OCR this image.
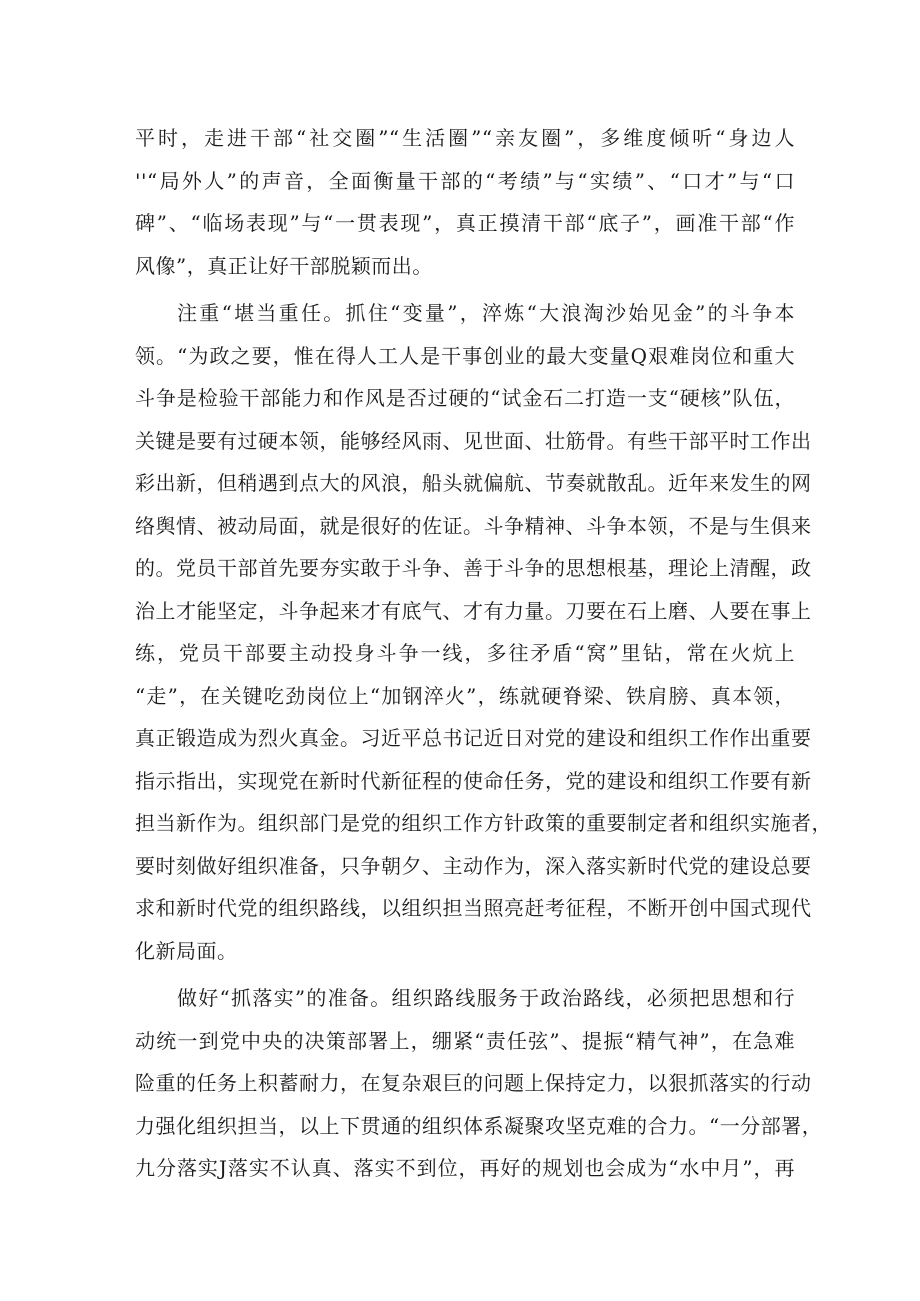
平时，走进干部“社交圈”“生活圈”“亲友圈”，多维度倾听“身边人
''“局外人”的声音，全面衡量干部的“考绩”与“实绩”、“口才”与“口
碑”、“临场表现”与“一贯表现”，真正摸清干部“底子”，画准干部“作
风像”，真正让好干部脱颖而出。
注重“堪当重任。抓住“变量”，淬炼“大浪淘沙始见金”的斗争本
领。“为政之要，惟在得人工人是干事创业的最大变量Q艰难岗位和重大
斗争是检验干部能力和作风是否过硬的“试金石二打造一支“硬核”队伍，
关键是要有过硬本领，能够经风雨、见世面、壮筋骨。有些干部平时工作出
彩出新，但稍遇到点大的风浪，船头就偏航、节奏就散乱。近年来发生的网
络舆情、被动局面，就是很好的佐证。斗争精神、斗争本领，不是与生俱来
的。党员干部首先要夯实敢于斗争、善于斗争的思想根基，理论上清醒，政
治上才能坚定，斗争起来才有底气、才有力量。刀要在石上磨、人要在事上
练，党员干部要主动投身斗争一线，多往矛盾“窝”里钻，常在火炕上
“走”，在关键吃劲岗位上“加钢淬火”，练就硬脊梁、铁肩膀、真本领，
真正锻造成为烈火真金。习近平总书记近日对党的建设和组织工作作出重要
指示指出，实现党在新时代新征程的使命任务，党的建设和组织工作要有新
担当新作为。组织部门是党的组织工作方针政策的重要制定者和组织实施者，
要时刻做好组织准备，只争朝夕、主动作为，深入落实新时代党的建设总要
求和新时代党的组织路线，以组织担当照亮赶考征程，不断开创中国式现代
化新局面。
做好“抓落实”的准备。组织路线服务于政治路线，必须把思想和行
动统一到党中央的决策部署上，绷紧“责任弦”、提振“精气神”，在急难
险重的任务上积蓄耐力，在复杂艰巨的问题上保持定力，以狠抓落实的行动
力强化组织担当，以上下贯通的组织体系凝聚攻坚克难的合力。“一分部署，
九分落实J落实不认真、落实不到位，再好的规划也会成为“水中月”，再
